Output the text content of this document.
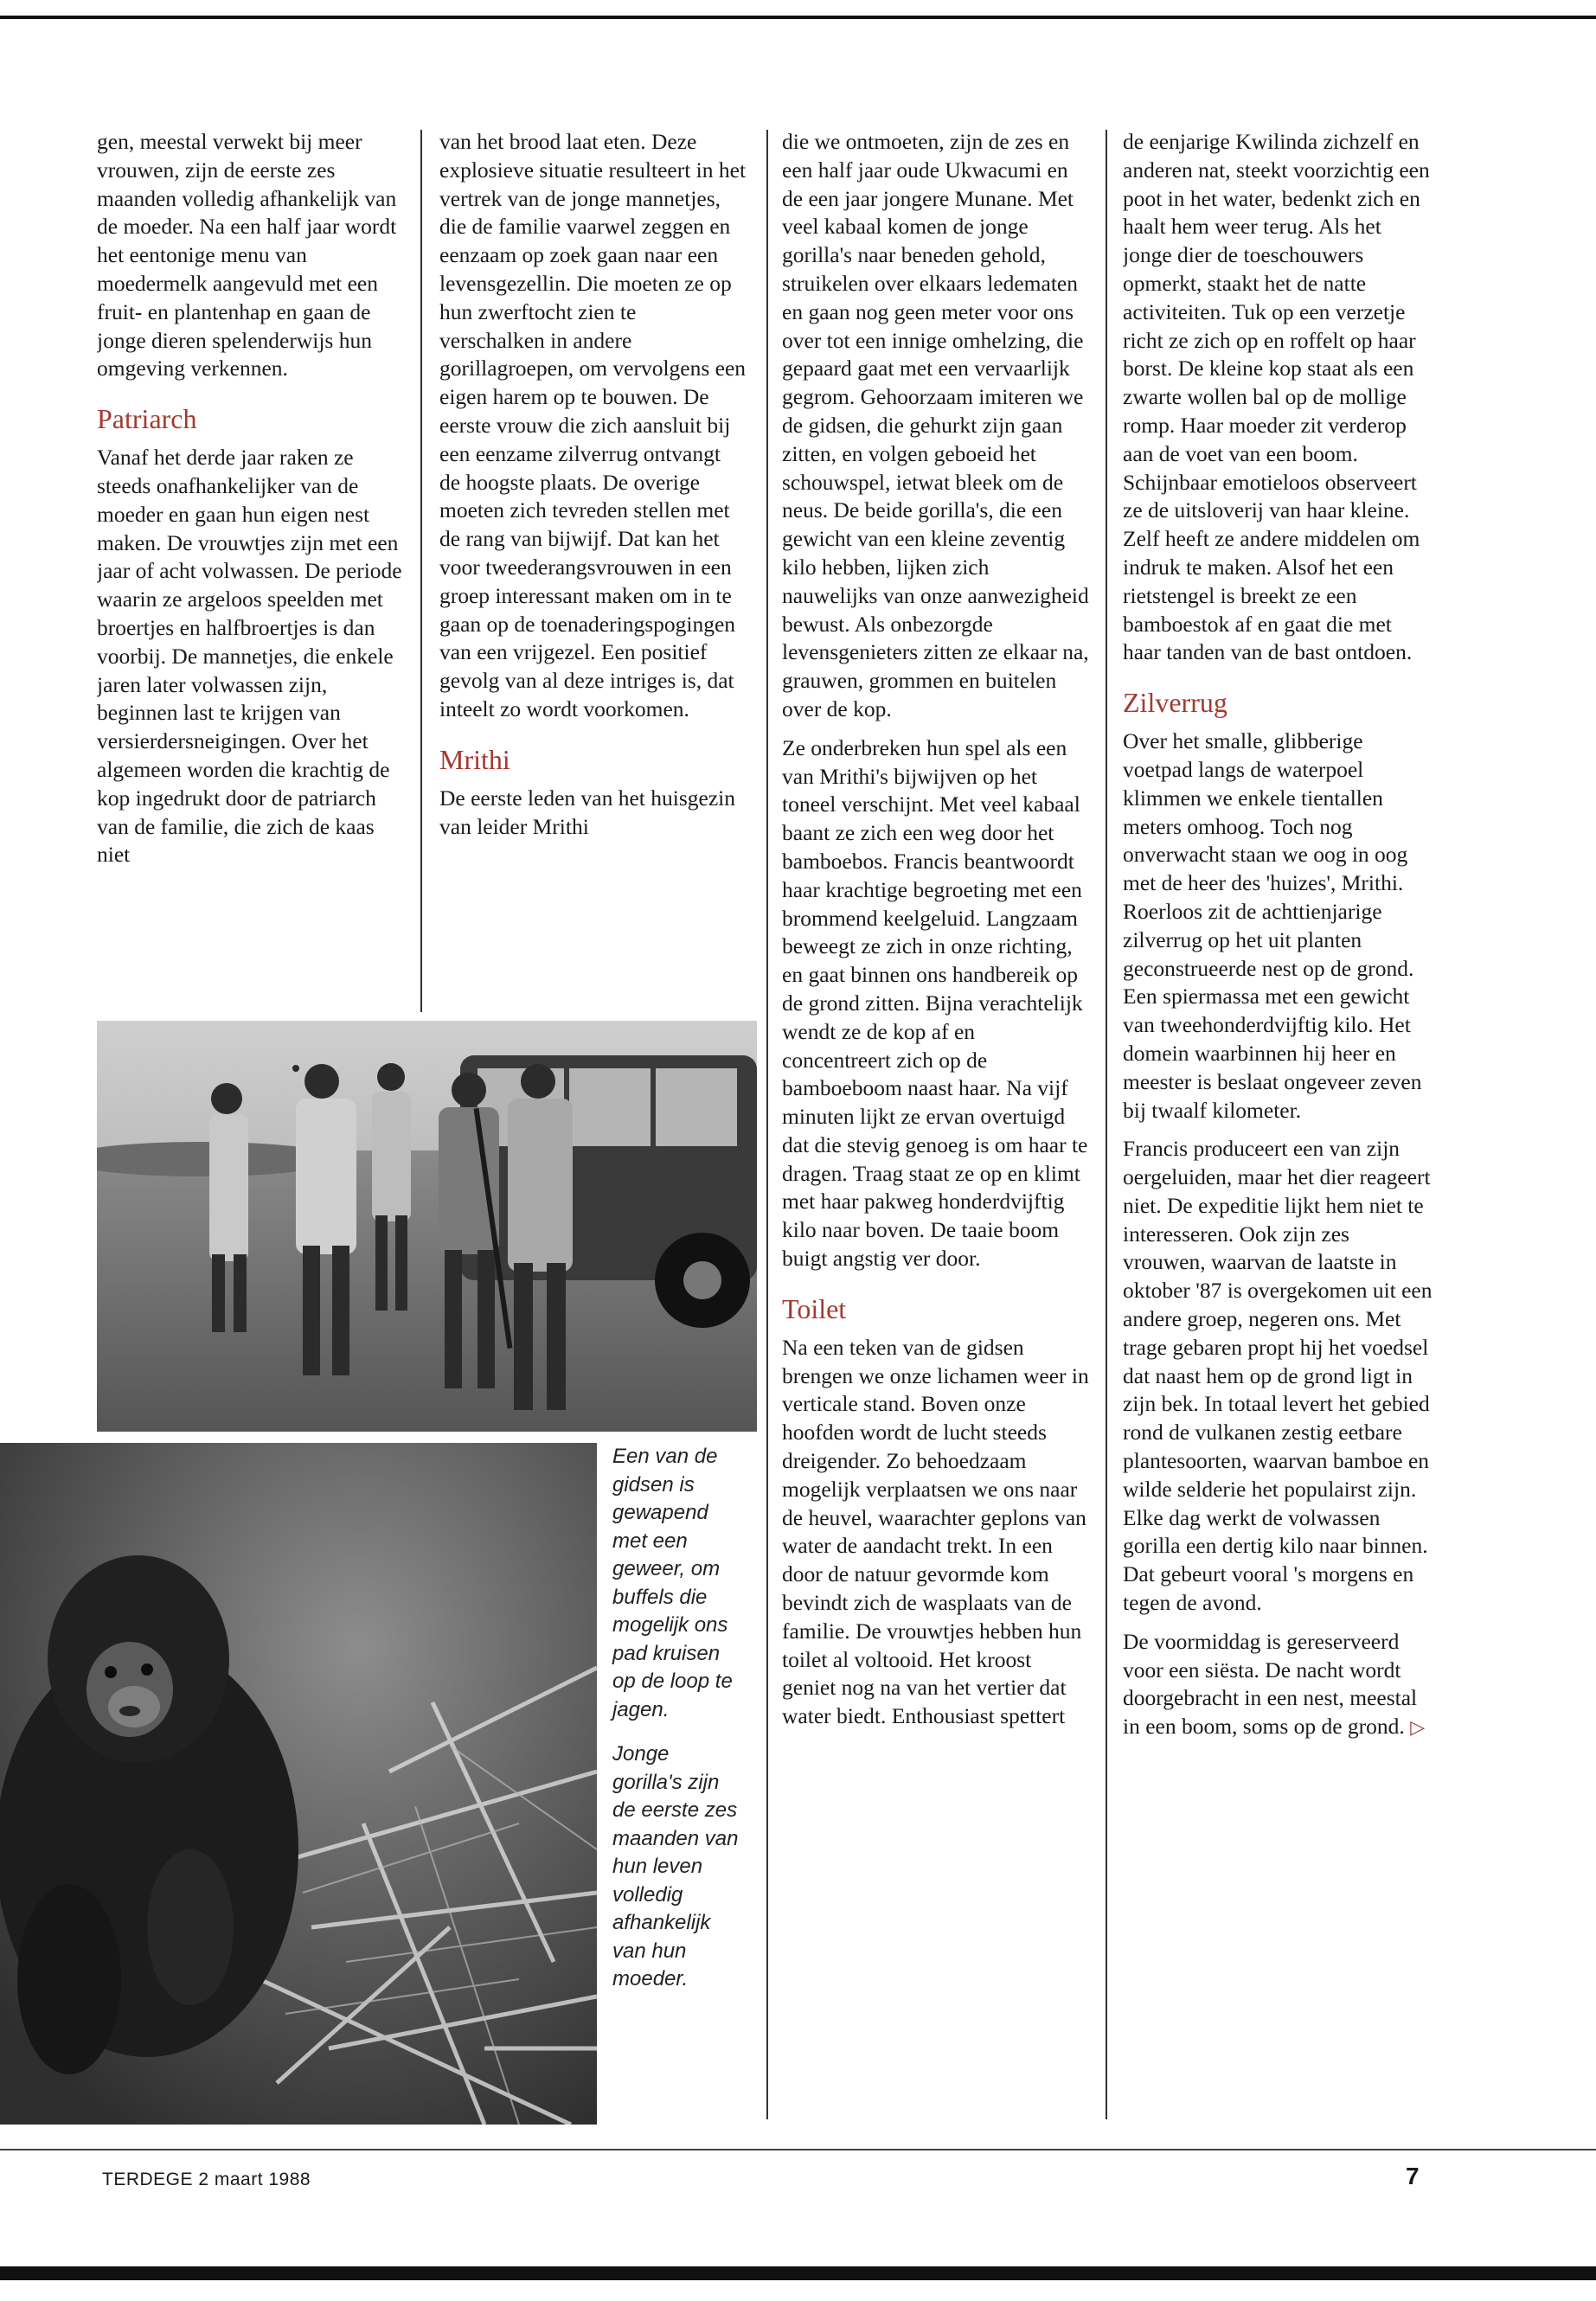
gen, meestal verwekt bij meer vrouwen, zijn de eerste zes maanden volledig afhankelijk van de moeder. Na een half jaar wordt het eentonige menu van moedermelk aangevuld met een fruit- en plantenhap en gaan de jonge dieren spelenderwijs hun omgeving verkennen.

Patriarch

Vanaf het derde jaar raken ze steeds onafhankelijker van de moeder en gaan hun eigen nest maken. De vrouwtjes zijn met een jaar of acht volwassen. De periode waarin ze argeloos speelden met broertjes en halfbroertjes is dan voorbij. De mannetjes, die enkele jaren later volwassen zijn, beginnen last te krijgen van versierdersneigingen. Over het algemeen worden die krachtig de kop ingedrukt door de patriarch van de familie, die zich de kaas niet

van het brood laat eten. Deze explosieve situatie resulteert in het vertrek van de jonge mannetjes, die de familie vaarwel zeggen en eenzaam op zoek gaan naar een levensgezellin. Die moeten ze op hun zwerftocht zien te verschalken in andere gorillagroepen, om vervolgens een eigen harem op te bouwen. De eerste vrouw die zich aansluit bij een eenzame zilverrug ontvangt de hoogste plaats. De overige moeten zich tevreden stellen met de rang van bijwijf. Dat kan het voor tweederangsvrouwen in een groep interessant maken om in te gaan op de toenaderingspogingen van een vrijgezel. Een positief gevolg van al deze intriges is, dat inteelt zo wordt voorkomen.

Mrithi

De eerste leden van het huisgezin van leider Mrithi

die we ontmoeten, zijn de zes en een half jaar oude Ukwacumi en de een jaar jongere Munane. Met veel kabaal komen de jonge gorilla's naar beneden gehold, struikelen over elkaars ledematen en gaan nog geen meter voor ons over tot een innige omhelzing, die gepaard gaat met een vervaarlijk gegrom. Gehoorzaam imiteren we de gidsen, die gehurkt zijn gaan zitten, en volgen geboeid het schouwspel, ietwat bleek om de neus. De beide gorilla's, die een gewicht van een kleine zeventig kilo hebben, lijken zich nauwelijks van onze aanwezigheid bewust. Als onbezorgde levensgenieters zitten ze elkaar na, grauwen, grommen en buitelen over de kop.

Ze onderbreken hun spel als een van Mrithi's bijwijven op het toneel verschijnt. Met veel kabaal baant ze zich een weg door het bamboebos. Francis beantwoordt haar krachtige begroeting met een brommend keelgeluid. Langzaam beweegt ze zich in onze richting, en gaat binnen ons handbereik op de grond zitten. Bijna verachtelijk wendt ze de kop af en concentreert zich op de bamboeboom naast haar. Na vijf minuten lijkt ze ervan overtuigd dat die stevig genoeg is om haar te dragen. Traag staat ze op en klimt met haar pakweg honderdvijftig kilo naar boven. De taaie boom buigt angstig ver door.

Toilet

Na een teken van de gidsen brengen we onze lichamen weer in verticale stand. Boven onze hoofden wordt de lucht steeds dreigender. Zo behoedzaam mogelijk verplaatsen we ons naar de heuvel, waarachter geplons van water de aandacht trekt. In een door de natuur gevormde kom bevindt zich de wasplaats van de familie. De vrouwtjes hebben hun toilet al voltooid. Het kroost geniet nog na van het vertier dat water biedt. Enthousiast spettert

de eenjarige Kwilinda zichzelf en anderen nat, steekt voorzichtig een poot in het water, bedenkt zich en haalt hem weer terug. Als het jonge dier de toeschouwers opmerkt, staakt het de natte activiteiten. Tuk op een verzetje richt ze zich op en roffelt op haar borst. De kleine kop staat als een zwarte wollen bal op de mollige romp. Haar moeder zit verderop aan de voet van een boom. Schijnbaar emotieloos observeert ze de uitsloverij van haar kleine. Zelf heeft ze andere middelen om indruk te maken. Alsof het een rietstengel is breekt ze een bamboestok af en gaat die met haar tanden van de bast ontdoen.

Zilverrug

Over het smalle, glibberige voetpad langs de waterpoel klimmen we enkele tientallen meters omhoog. Toch nog onverwacht staan we oog in oog met de heer des 'huizes', Mrithi. Roerloos zit de achttienjarige zilverrug op het uit planten geconstrueerde nest op de grond. Een spiermassa met een gewicht van tweehonderdvijftig kilo. Het domein waarbinnen hij heer en meester is beslaat ongeveer zeven bij twaalf kilometer.

Francis produceert een van zijn oergeluiden, maar het dier reageert niet. De expeditie lijkt hem niet te interesseren. Ook zijn zes vrouwen, waarvan de laatste in oktober '87 is overgekomen uit een andere groep, negeren ons. Met trage gebaren propt hij het voedsel dat naast hem op de grond ligt in zijn bek. In totaal levert het gebied rond de vulkanen zestig eetbare plantesoorten, waarvan bamboe en wilde selderie het populairst zijn. Elke dag werkt de volwassen gorilla een dertig kilo naar binnen. Dat gebeurt vooral 's morgens en tegen de avond.

De voormiddag is gereserveerd voor een siësta. De nacht wordt doorgebracht in een nest, meestal in een boom, soms op de grond. ▷

Een van de gidsen is gewapend met een geweer, om buffels die mogelijk ons pad kruisen op de loop te jagen.
Jonge gorilla's zijn de eerste zes maanden van hun leven volledig afhankelijk van hun moeder.
TERDEGE 2 maart 1988	7
